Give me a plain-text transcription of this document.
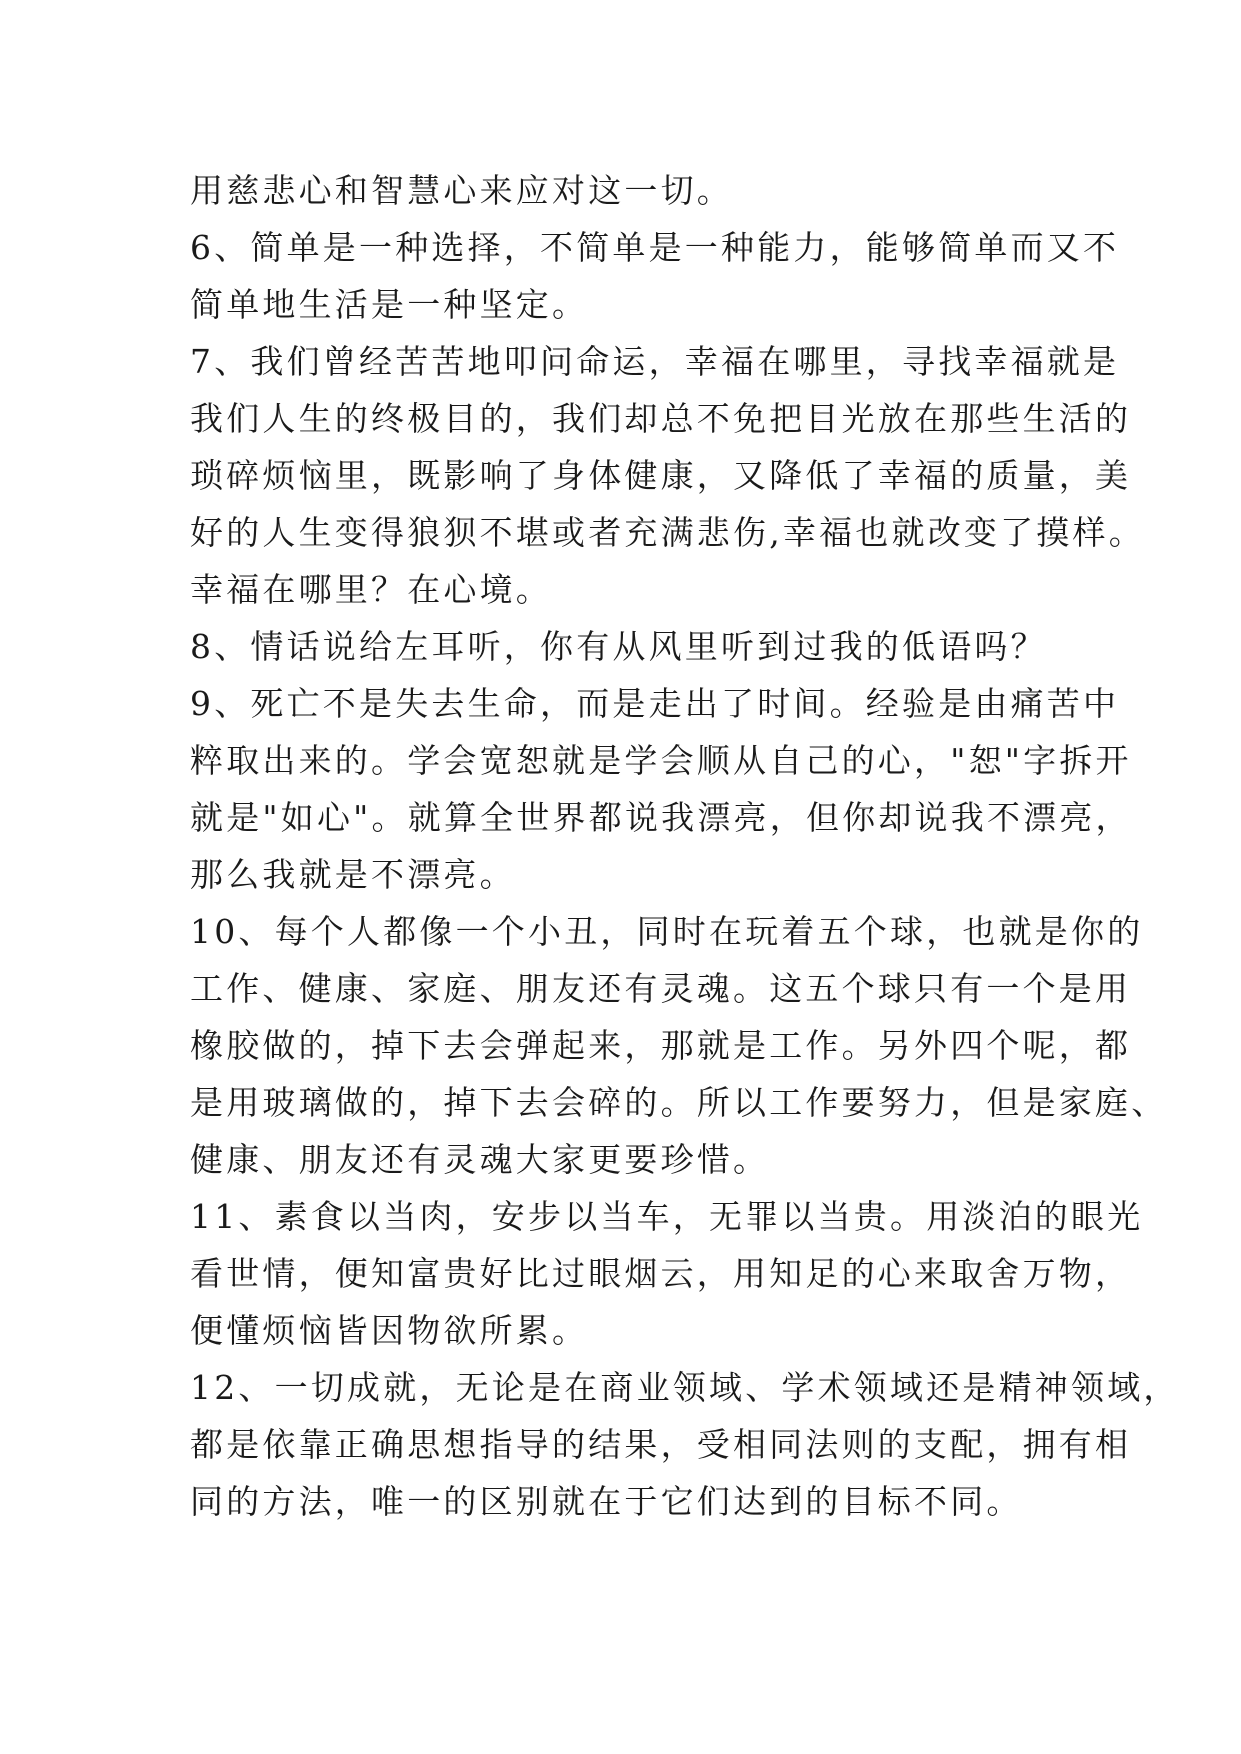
用慈悲心和智慧心来应对这一切。
6、简单是一种选择，不简单是一种能力，能够简单而又不
简单地生活是一种坚定。
7、我们曾经苦苦地叩问命运，幸福在哪里，寻找幸福就是
我们人生的终极目的，我们却总不免把目光放在那些生活的
琐碎烦恼里，既影响了身体健康，又降低了幸福的质量，美
好的人生变得狼狈不堪或者充满悲伤,幸福也就改变了摸样。
幸福在哪里？在心境。
8、情话说给左耳听，你有从风里听到过我的低语吗？
9、死亡不是失去生命，而是走出了时间。经验是由痛苦中
粹取出来的。学会宽恕就是学会顺从自己的心，"恕"字拆开
就是"如心"。就算全世界都说我漂亮，但你却说我不漂亮，
那么我就是不漂亮。
10、每个人都像一个小丑，同时在玩着五个球，也就是你的
工作、健康、家庭、朋友还有灵魂。这五个球只有一个是用
橡胶做的，掉下去会弹起来，那就是工作。另外四个呢，都
是用玻璃做的，掉下去会碎的。所以工作要努力，但是家庭、
健康、朋友还有灵魂大家更要珍惜。
11、素食以当肉，安步以当车，无罪以当贵。用淡泊的眼光
看世情，便知富贵好比过眼烟云，用知足的心来取舍万物，
便懂烦恼皆因物欲所累。
12、一切成就，无论是在商业领域、学术领域还是精神领域，
都是依靠正确思想指导的结果，受相同法则的支配，拥有相
同的方法，唯一的区别就在于它们达到的目标不同。
